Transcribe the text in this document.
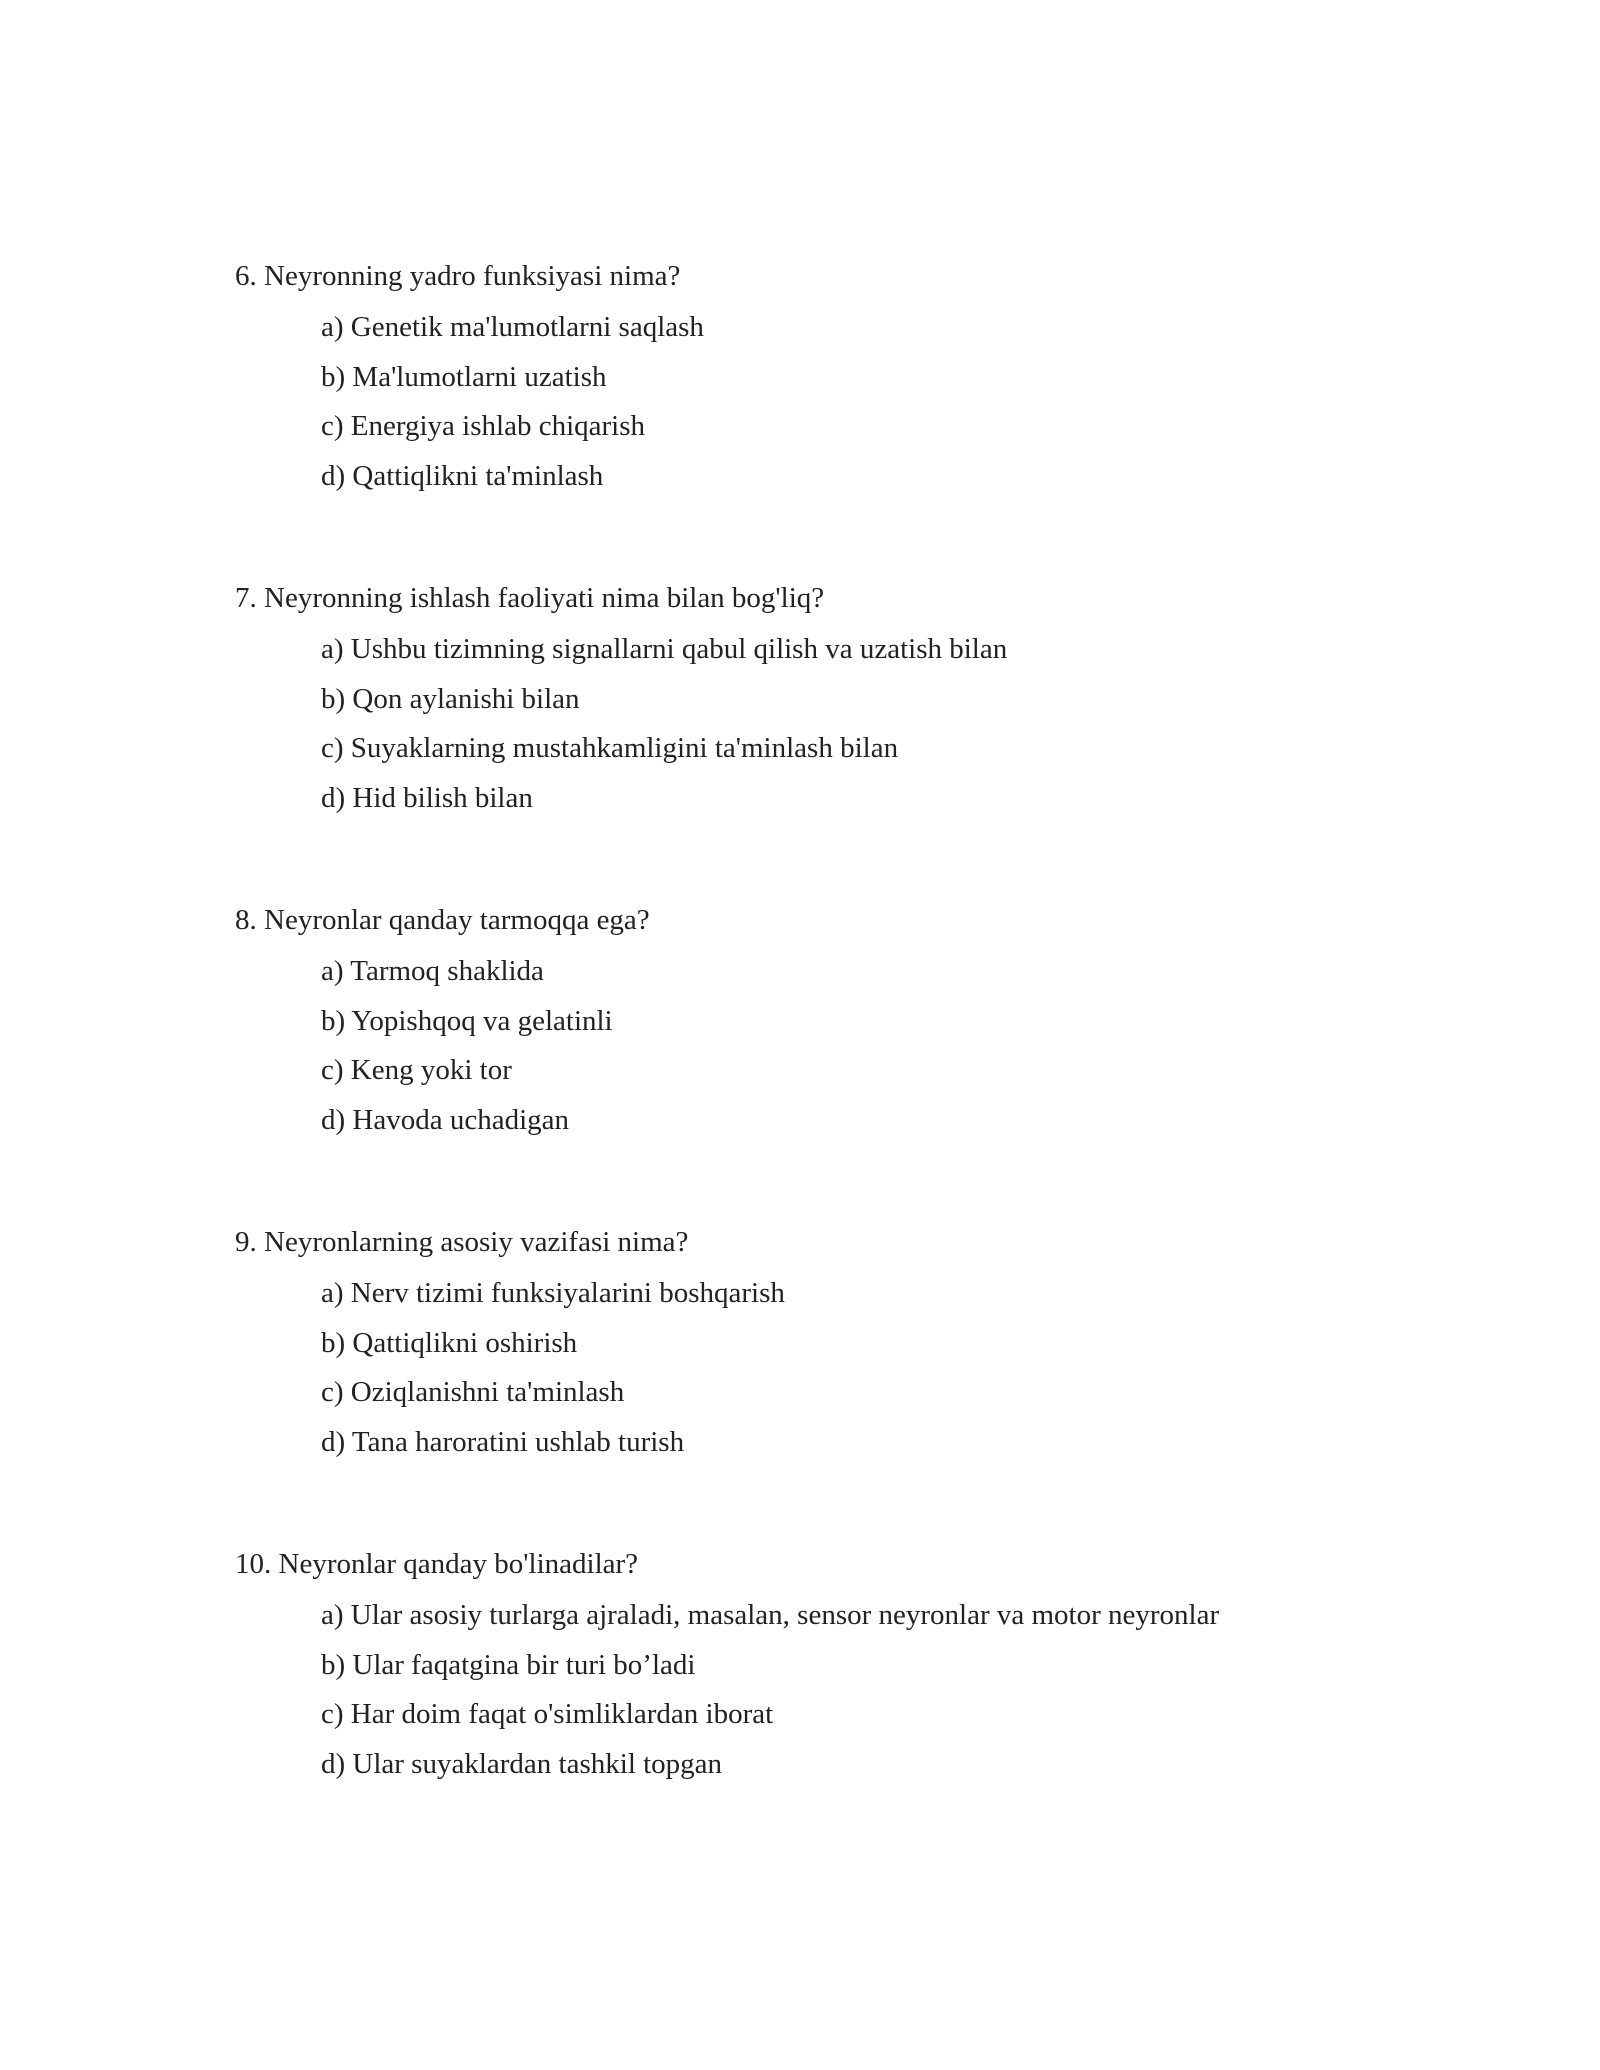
6. Neyronning yadro funksiyasi nima?

a) Genetik ma'lumotlarni saqlash
b) Ma'lumotlarni uzatish
c) Energiya ishlab chiqarish
d) Qattiqlikni ta'minlash

7. Neyronning ishlash faoliyati nima bilan bog'liq?

a) Ushbu tizimning signallarni qabul qilish va uzatish bilan
b) Qon aylanishi bilan
c) Suyaklarning mustahkamligini ta'minlash bilan
d) Hid bilish bilan

8. Neyronlar qanday tarmoqqa ega?

a) Tarmoq shaklida
b) Yopishqoq va gelatinli
c) Keng yoki tor
d) Havoda uchadigan

9. Neyronlarning asosiy vazifasi nima?

a) Nerv tizimi funksiyalarini boshqarish
b) Qattiqlikni oshirish
c) Oziqlanishni ta'minlash
d) Tana haroratini ushlab turish

10. Neyronlar qanday bo'linadilar?

a) Ular asosiy turlarga ajraladi, masalan, sensor neyronlar va motor neyronlar
b) Ular faqatgina bir turi bo’ladi
c) Har doim faqat o'simliklardan iborat
d) Ular suyaklardan tashkil topgan
